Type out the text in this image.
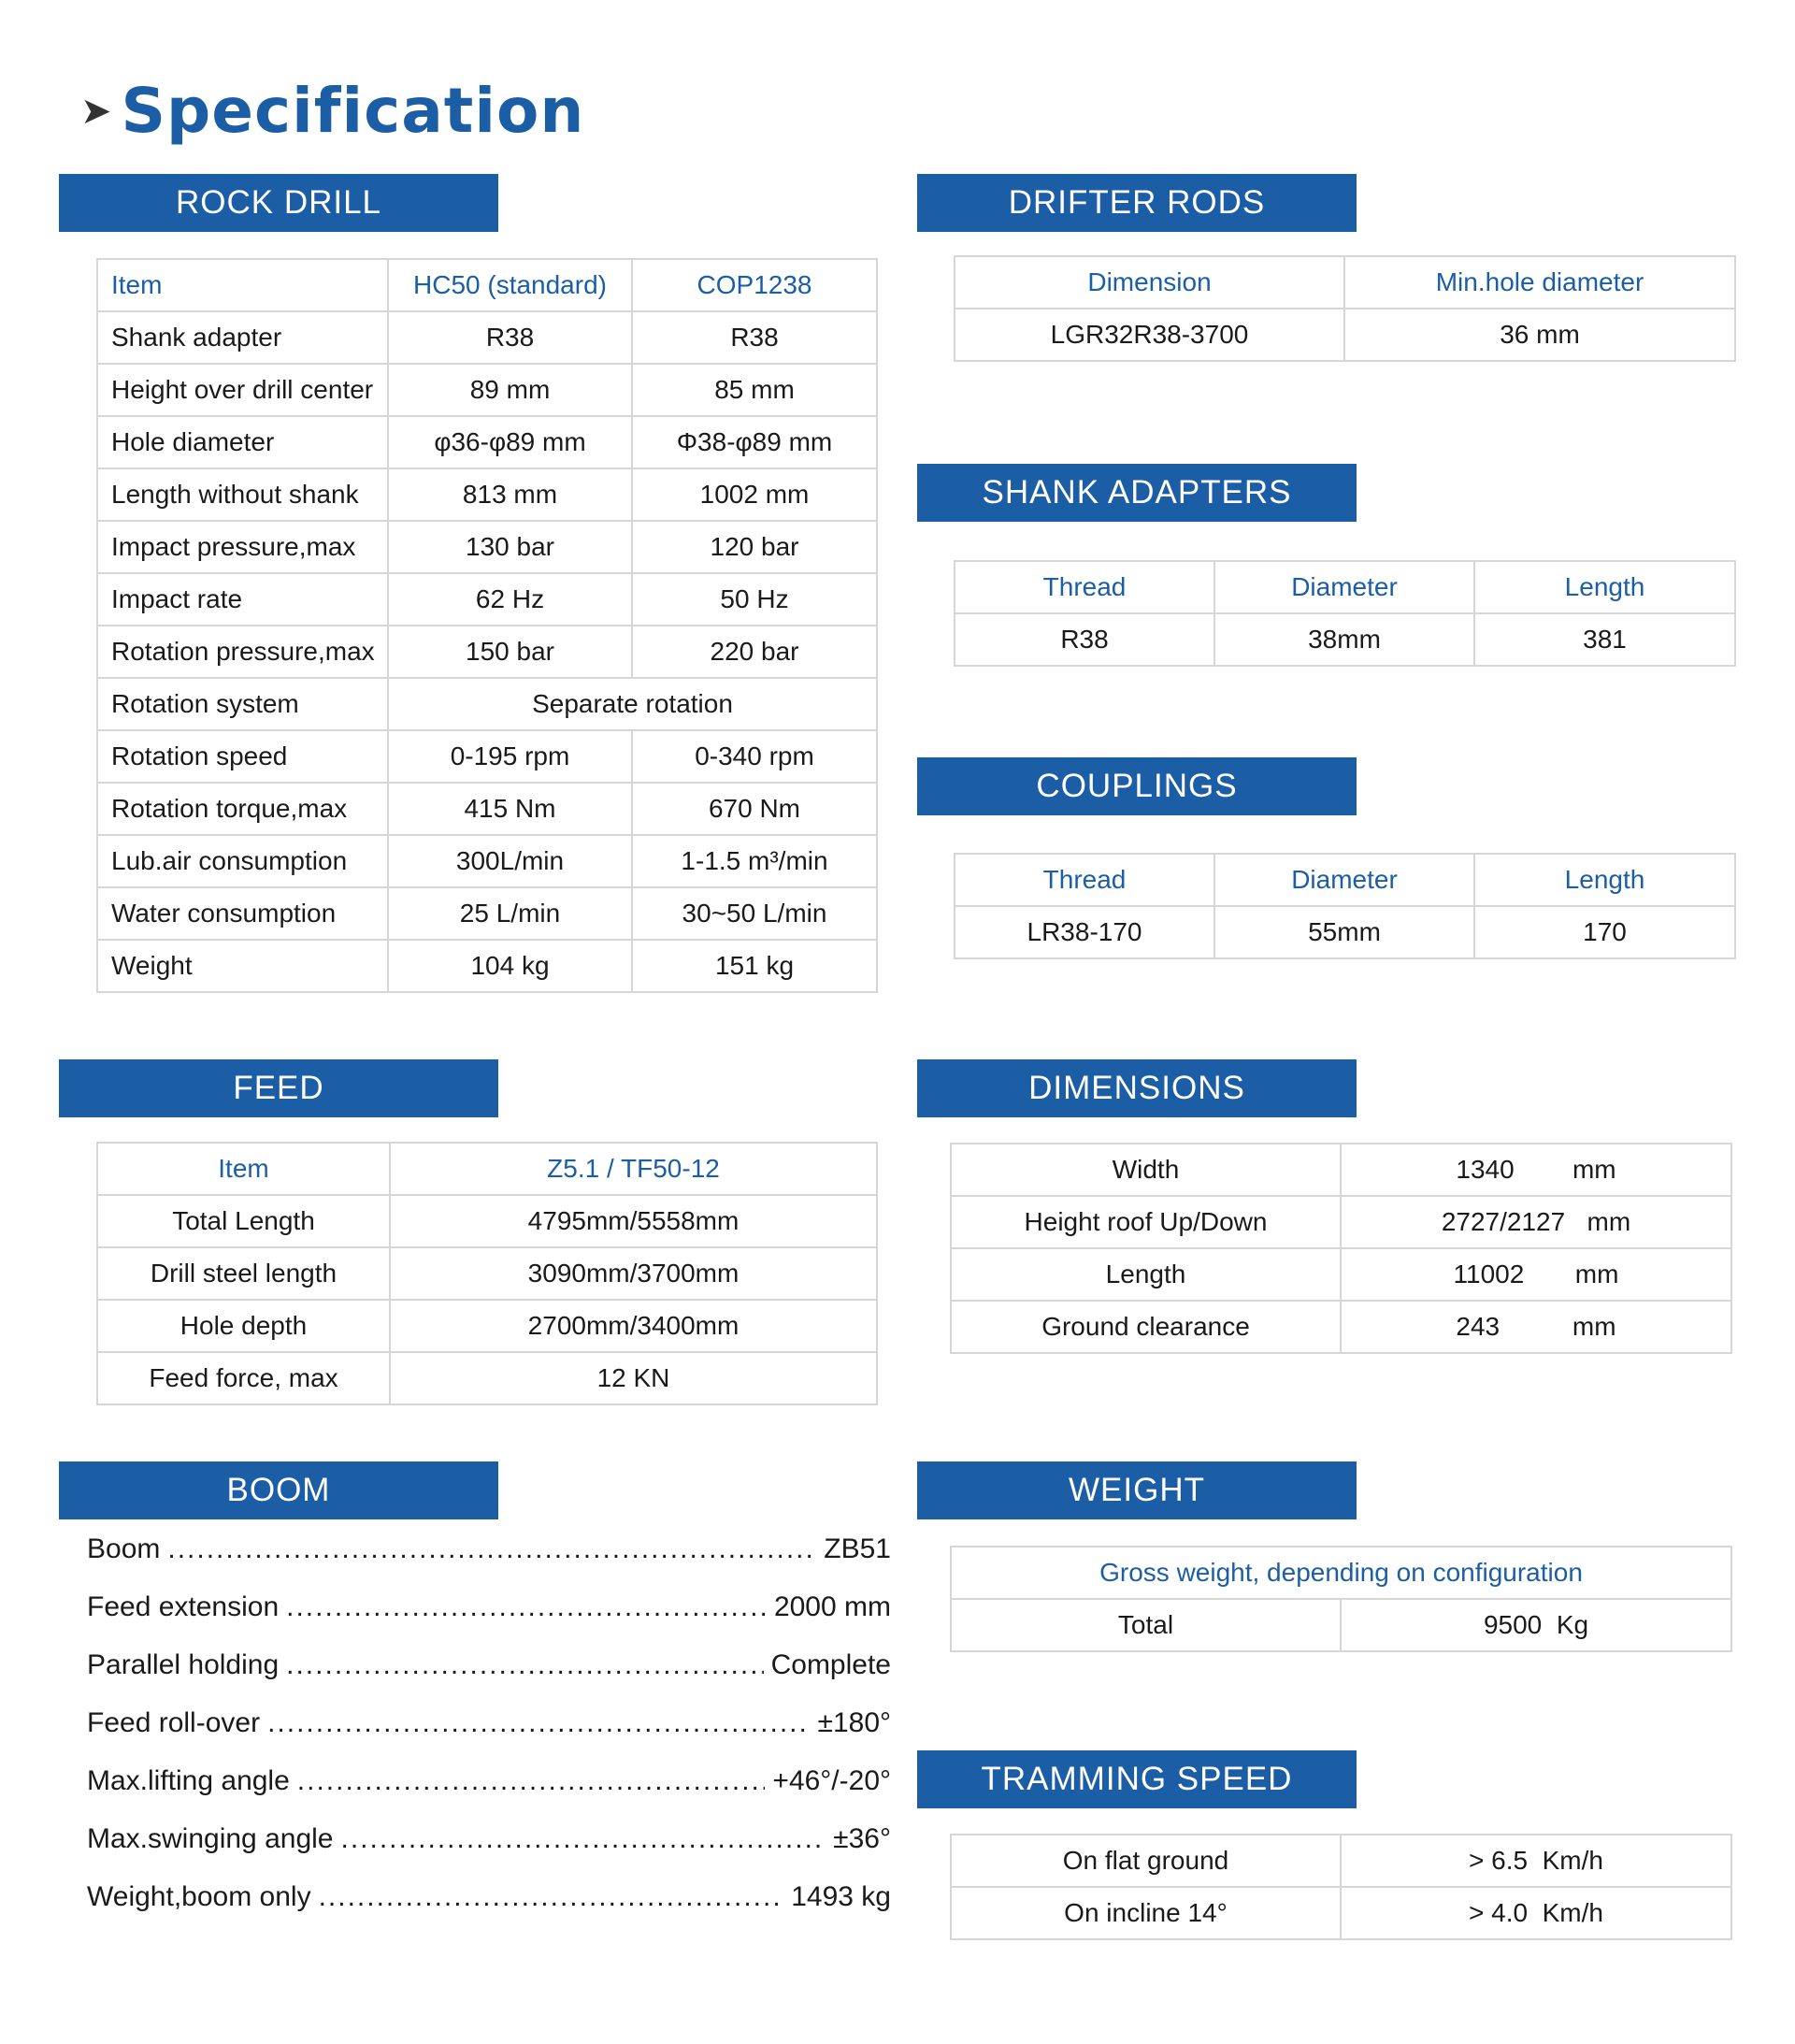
➤ Specification
ROCK DRILL
Item	HC50 (standard)	COP1238
Shank adapter	R38	R38
Height over drill center	89 mm	85 mm
Hole diameter	φ36-φ89 mm	Φ38-φ89 mm
Length without shank	813 mm	1002 mm
Impact pressure,max	130 bar	120 bar
Impact rate	62 Hz	50 Hz
Rotation pressure,max	150 bar	220 bar
Rotation system	Separate rotation	
Rotation speed	0-195 rpm	0-340 rpm
Rotation torque,max	415 Nm	670 Nm
Lub.air consumption	300L/min	1-1.5 m³/min
Water consumption	25 L/min	30~50 L/min
Weight	104 kg	151 kg
DRIFTER RODS
Dimension	Min.hole diameter
LGR32R38-3700	36 mm
SHANK ADAPTERS
Thread	Diameter	Length
R38	38mm	381
COUPLINGS
Thread	Diameter	Length
LR38-170	55mm	170
FEED
Item	Z5.1 / TF50-12
Total Length	4795mm/5558mm
Drill steel length	3090mm/3700mm
Hole depth	2700mm/3400mm
Feed force, max	12 KN
DIMENSIONS
Width	1340 mm
Height roof Up/Down	2727/2127 mm
Length	11002 mm
Ground clearance	243 mm
BOOM
Boom .....	ZB51
Feed extension .....	2000 mm
Parallel holding .....	Complete
Feed roll-over .....	±180°
Max.lifting angle .....	+46°/-20°
Max.swinging angle .....	±36°
Weight,boom only .....	1493 kg
WEIGHT
Gross weight, depending on configuration
Total	9500 Kg
TRAMMING SPEED
On flat ground	> 6.5 Km/h
On incline 14°	> 4.0 Km/h
